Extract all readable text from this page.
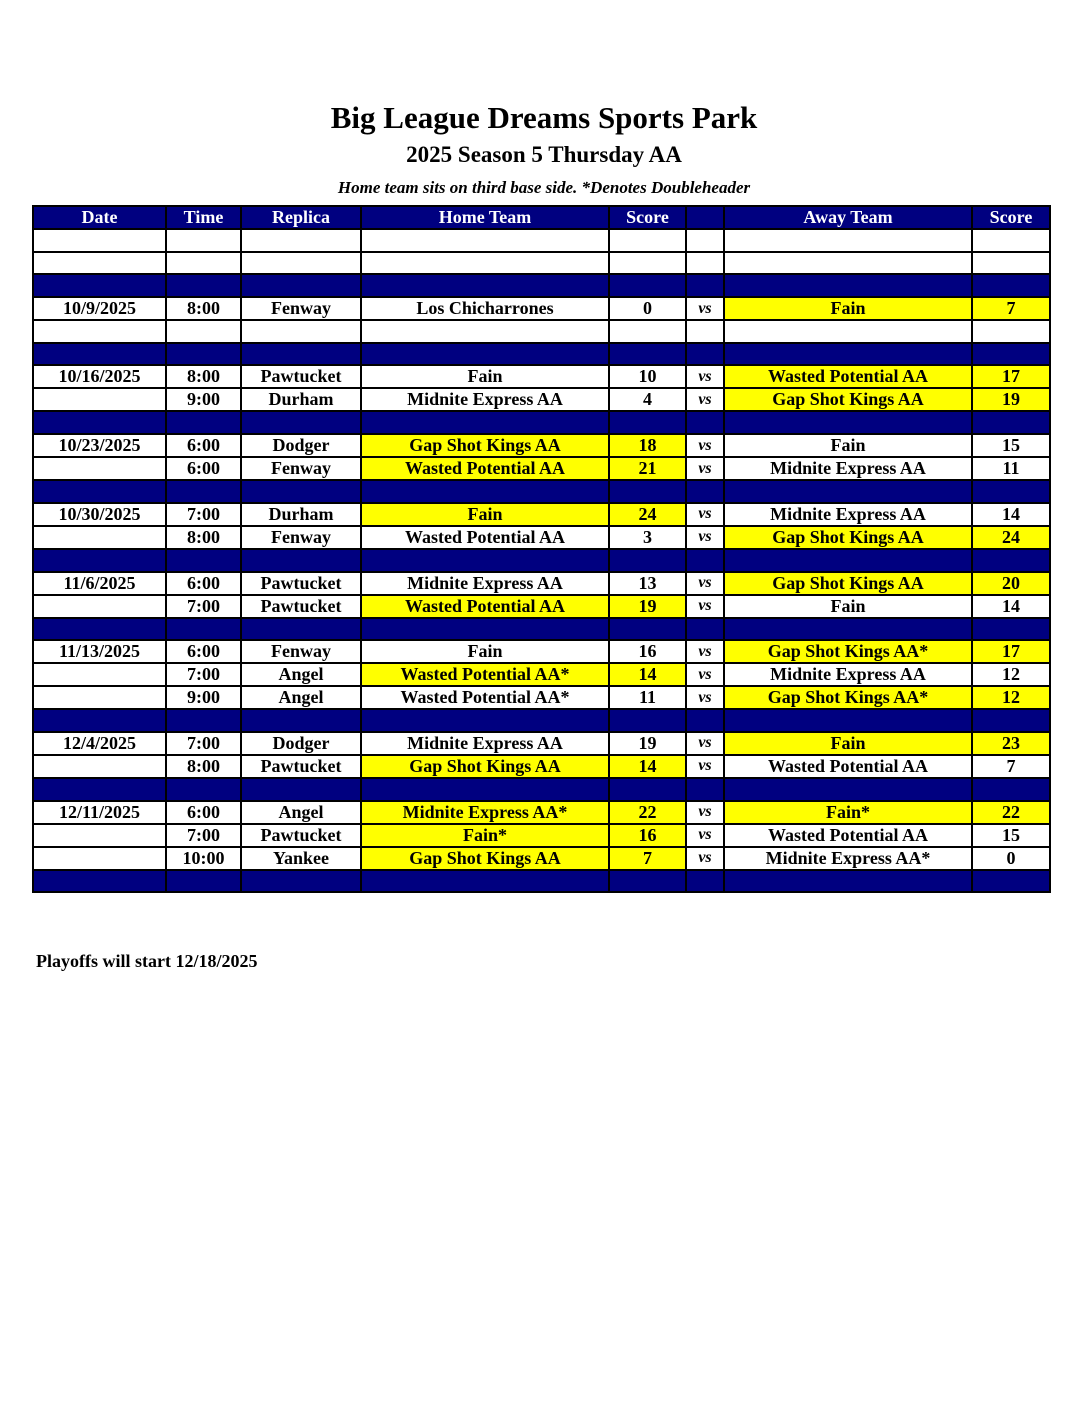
Big League Dreams Sports Park
2025 Season 5 Thursday AA
Home team sits on third base side. *Denotes Doubleheader
Date	Time	Replica	Home Team	Score		Away Team	Score

10/9/2025	8:00	Fenway	Los Chicharrones	0	vs	Fain	7

10/16/2025	8:00	Pawtucket	Fain	10	vs	Wasted Potential AA	17
	9:00	Durham	Midnite Express AA	4	vs	Gap Shot Kings AA	19

10/23/2025	6:00	Dodger	Gap Shot Kings AA	18	vs	Fain	15
	6:00	Fenway	Wasted Potential AA	21	vs	Midnite Express AA	11

10/30/2025	7:00	Durham	Fain	24	vs	Midnite Express AA	14
	8:00	Fenway	Wasted Potential AA	3	vs	Gap Shot Kings AA	24

11/6/2025	6:00	Pawtucket	Midnite Express AA	13	vs	Gap Shot Kings AA	20
	7:00	Pawtucket	Wasted Potential AA	19	vs	Fain	14

11/13/2025	6:00	Fenway	Fain	16	vs	Gap Shot Kings AA*	17
	7:00	Angel	Wasted Potential AA*	14	vs	Midnite Express AA	12
	9:00	Angel	Wasted Potential AA*	11	vs	Gap Shot Kings AA*	12

12/4/2025	7:00	Dodger	Midnite Express AA	19	vs	Fain	23
	8:00	Pawtucket	Gap Shot Kings AA	14	vs	Wasted Potential AA	7

12/11/2025	6:00	Angel	Midnite Express AA*	22	vs	Fain*	22
	7:00	Pawtucket	Fain*	16	vs	Wasted Potential AA	15
	10:00	Yankee	Gap Shot Kings AA	7	vs	Midnite Express AA*	0

Playoffs will start 12/18/2025
